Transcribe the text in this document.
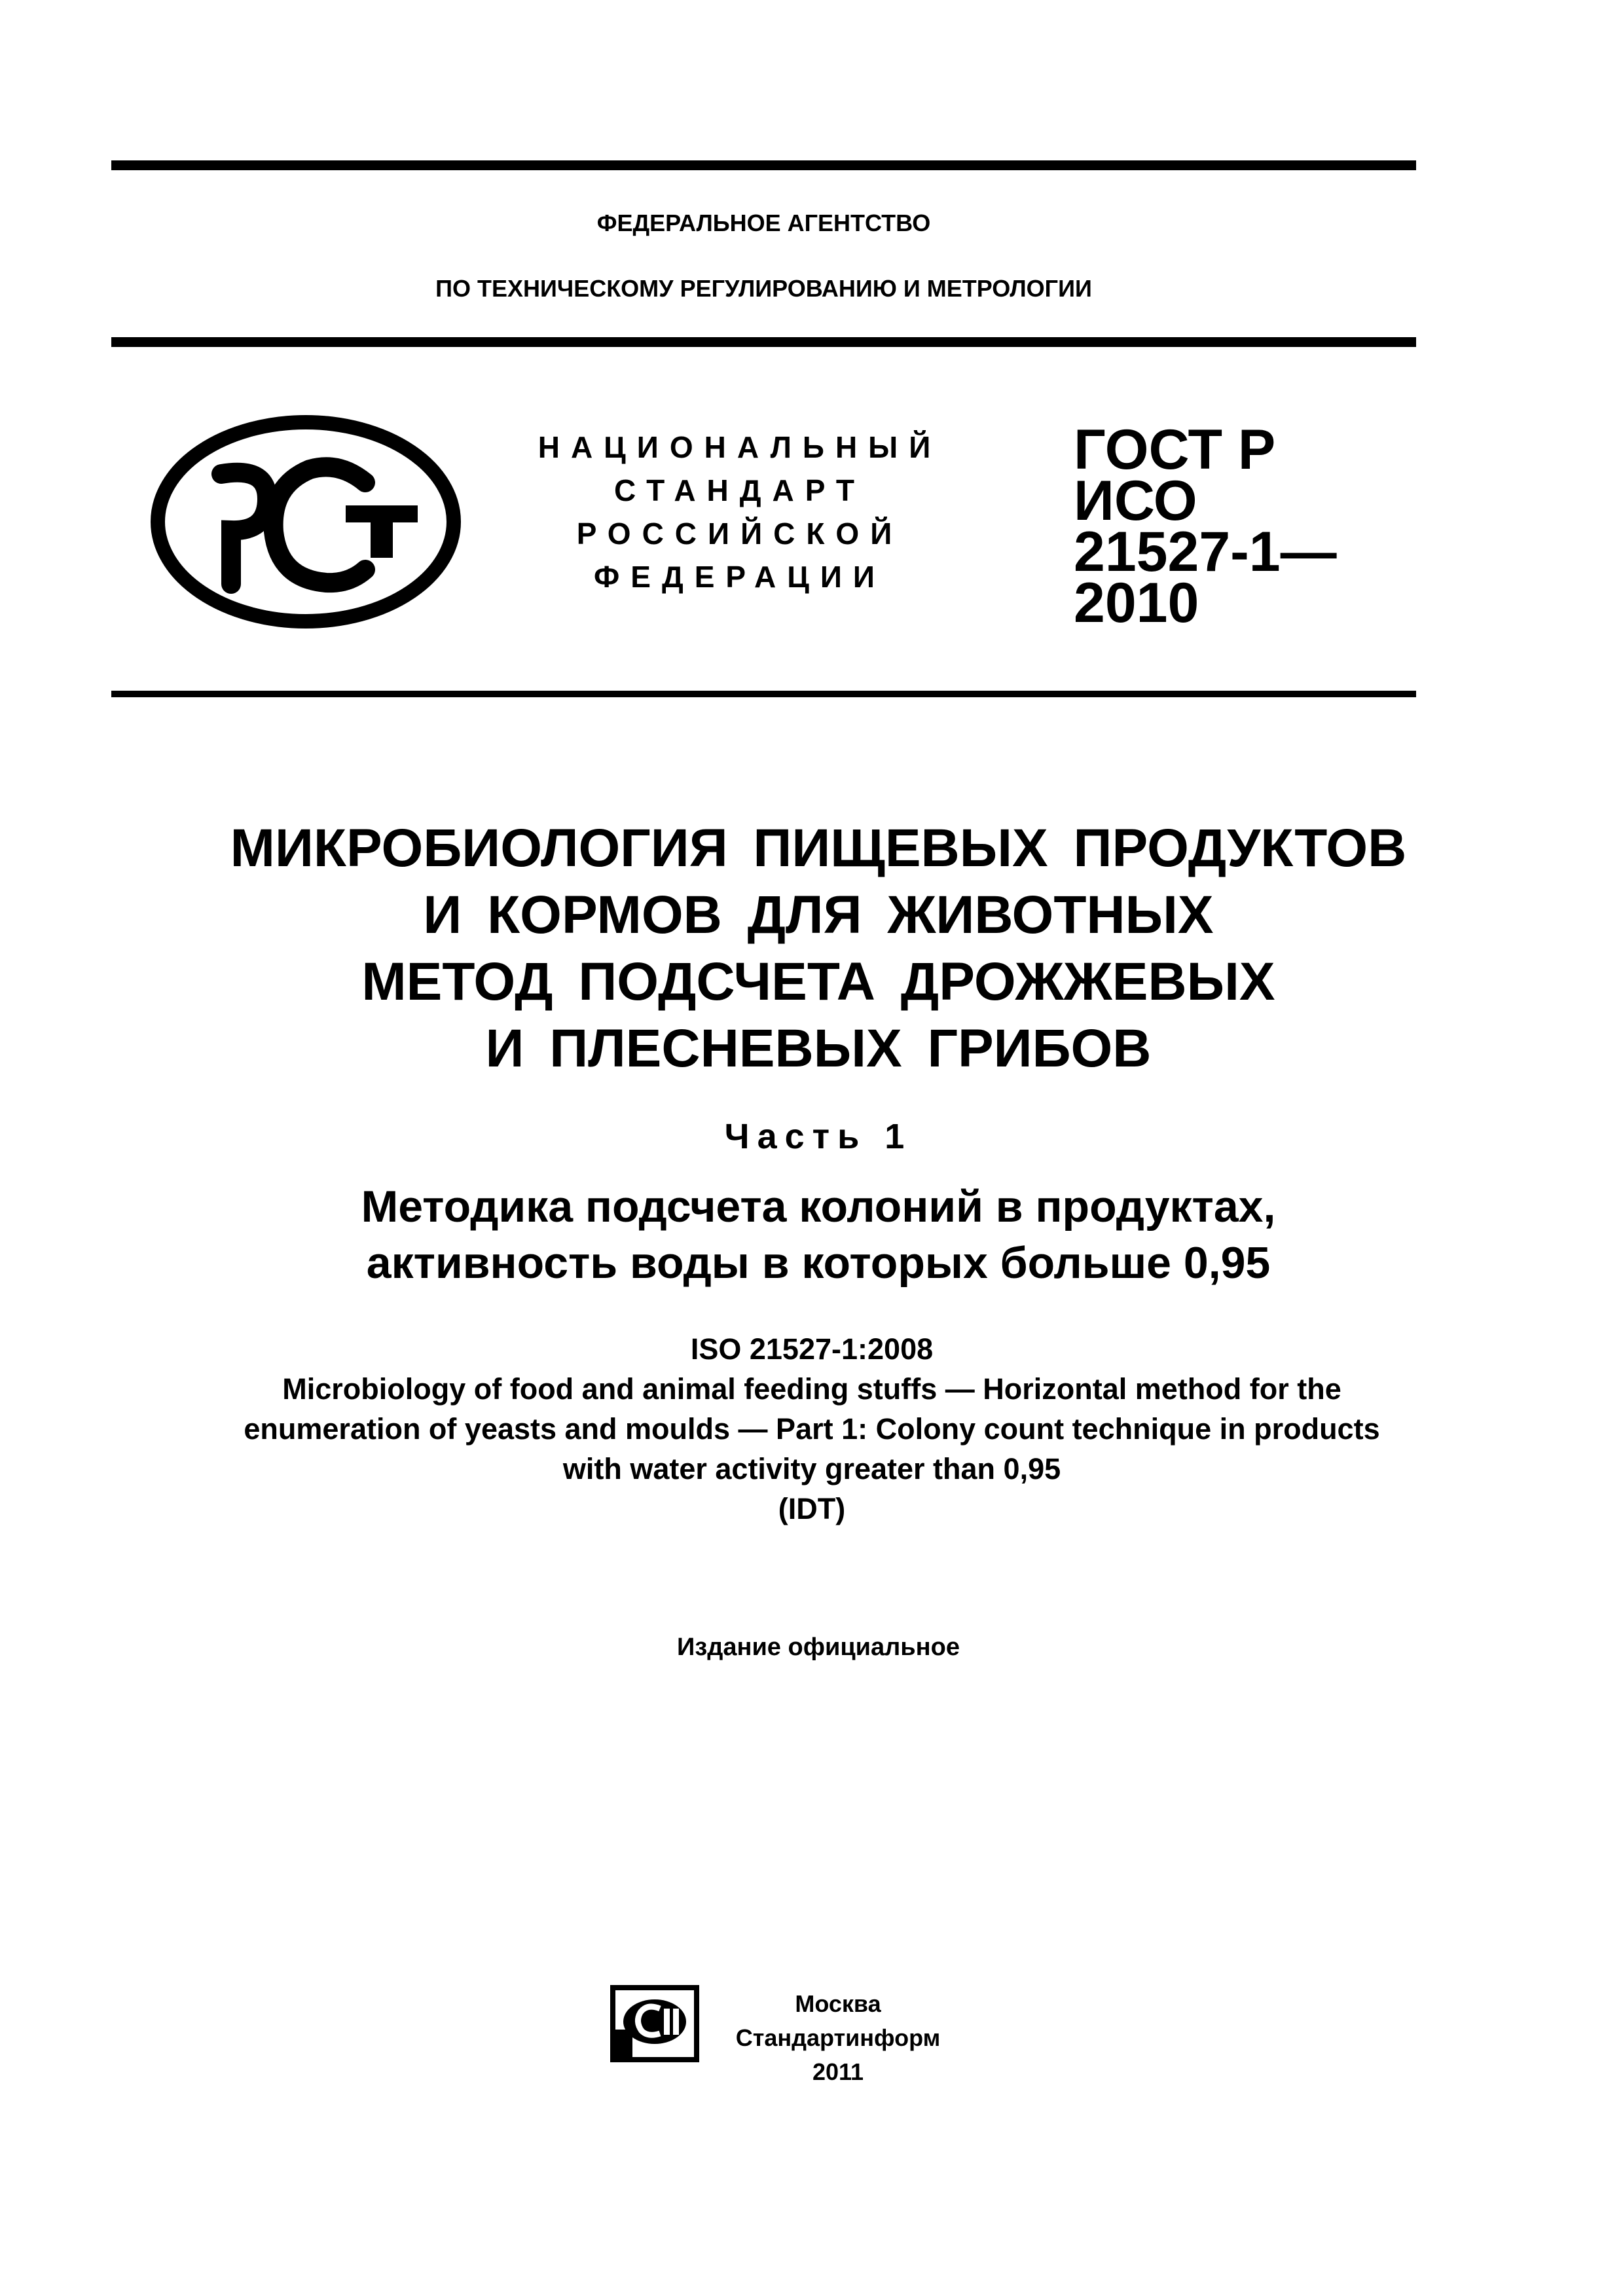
ФЕДЕРАЛЬНОЕ АГЕНТСТВО
ПО ТЕХНИЧЕСКОМУ РЕГУЛИРОВАНИЮ И МЕТРОЛОГИИ
НАЦИОНАЛЬНЫЙ
СТАНДАРТ
РОССИЙСКОЙ
ФЕДЕРАЦИИ
ГОСТ Р ИСО
21527-1—
2010
МИКРОБИОЛОГИЯ ПИЩЕВЫХ ПРОДУКТОВ
И КОРМОВ ДЛЯ ЖИВОТНЫХ
МЕТОД ПОДСЧЕТА ДРОЖЖЕВЫХ
И ПЛЕСНЕВЫХ ГРИБОВ
Часть 1
Методика подсчета колоний в продуктах,
активность воды в которых больше 0,95
ISO 21527-1:2008
Microbiology of food and animal feeding stuffs — Horizontal method for the
enumeration of yeasts and moulds — Part 1: Colony count technique in products
with water activity greater than 0,95
(IDT)
Издание официальное
Москва
Стандартинформ
2011
